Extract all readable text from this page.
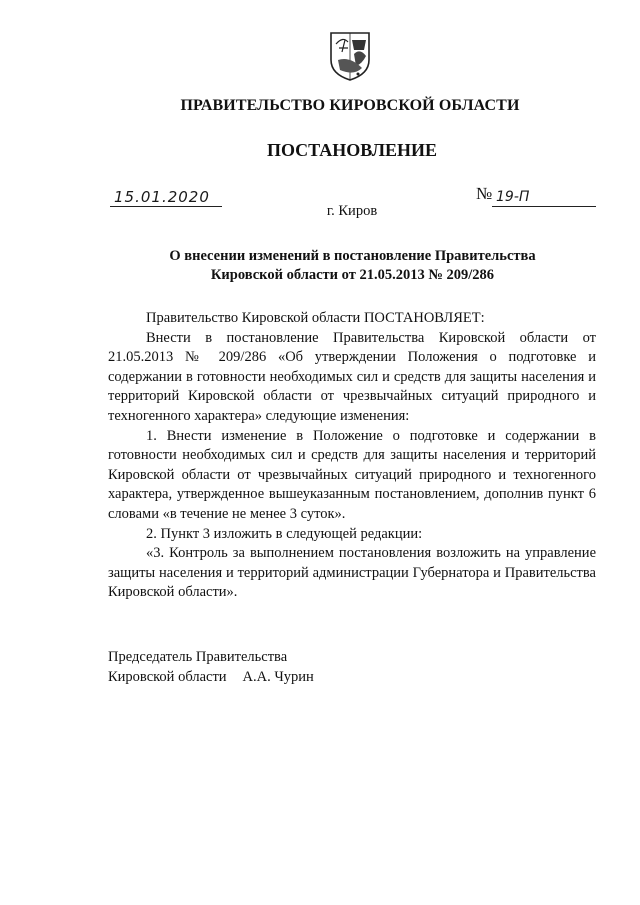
ПРАВИТЕЛЬСТВО КИРОВСКОЙ ОБЛАСТИ
ПОСТАНОВЛЕНИЕ
15.01.2020	№ 19-П
г. Киров
О внесении изменений в постановление Правительства
Кировской области от 21.05.2013 № 209/286

Правительство Кировской области ПОСТАНОВЛЯЕТ:

Внести в постановление Правительства Кировской области от 21.05.2013 № 209/286 «Об утверждении Положения о подготовке и содержании в готовности необходимых сил и средств для защиты населения и территорий Кировской области от чрезвычайных ситуаций природного и техногенного характера» следующие изменения:

1. Внести изменение в Положение о подготовке и содержании в готовности необходимых сил и средств для защиты населения и территорий Кировской области от чрезвычайных ситуаций природного и техногенного характера, утвержденное вышеуказанным постановлением, дополнив пункт 6 словами «в течение не менее 3 суток».

2. Пункт 3 изложить в следующей редакции:

«3. Контроль за выполнением постановления возложить на управление защиты населения и территорий администрации Губернатора и Правительства Кировской области».

Председатель Правительства
Кировской области А.А. Чурин
